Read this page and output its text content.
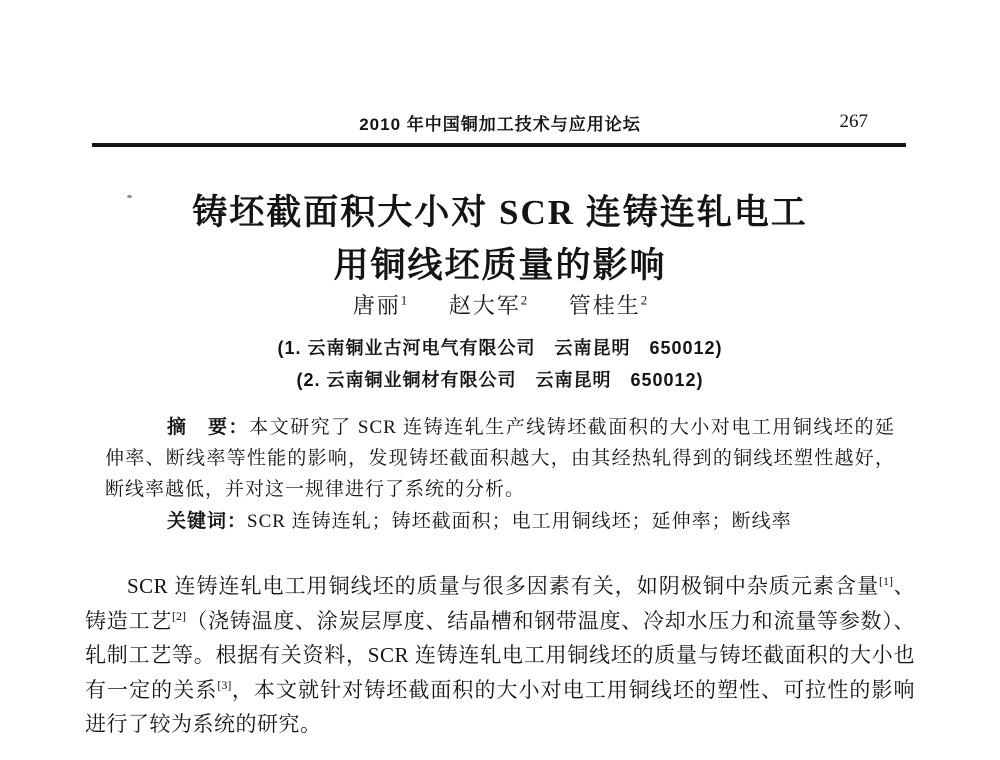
2010 年中国铜加工技术与应用论坛	267
铸坯截面积大小对 SCR 连铸连轧电工
用铜线坯质量的影响
唐丽$^1$ 赵大军$^2$ 管桂生$^2$
(1. 云南铜业古河电气有限公司　云南昆明　650012)
(2. 云南铜业铜材有限公司　云南昆明　650012)
摘　要：本文研究了 SCR 连铸连轧生产线铸坯截面积的大小对电工用铜线坯的延伸率、断线率等性能的影响，发现铸坯截面积越大，由其经热轧得到的铜线坯塑性越好，断线率越低，并对这一规律进行了系统的分析。
关键词：SCR 连铸连轧；铸坯截面积；电工用铜线坯；延伸率；断线率
SCR 连铸连轧电工用铜线坯的质量与很多因素有关，如阴极铜中杂质元素含量[1]、铸造工艺[2]（浇铸温度、涂炭层厚度、结晶槽和钢带温度、冷却水压力和流量等参数）、轧制工艺等。根据有关资料，SCR 连铸连轧电工用铜线坯的质量与铸坯截面积的大小也有一定的关系[3]，本文就针对铸坯截面积的大小对电工用铜线坯的塑性、可拉性的影响进行了较为系统的研究。
